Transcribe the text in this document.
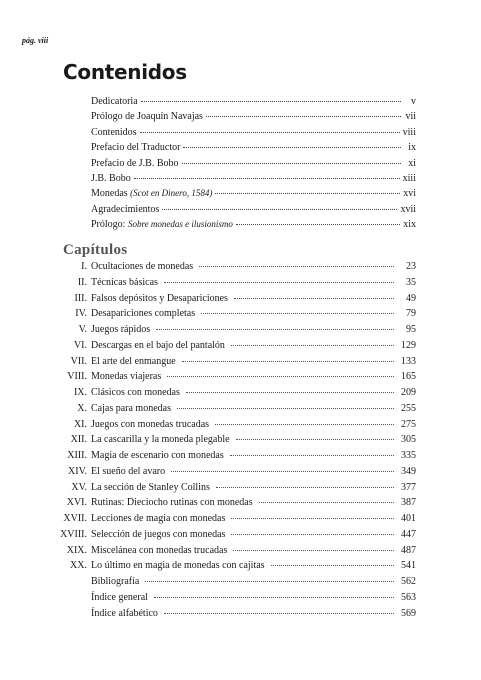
pág. viii
Contenidos
Dedicatoria	v
Prólogo de Joaquín Navajas	vii
Contenidos	viii
Prefacio del Traductor	ix
Prefacio de J.B. Bobo	xi
J.B. Bobo	xiii
Monedas (Scot en Dinero, 1584)	xvi
Agradecimientos	xvii
Prólogo: Sobre monedas e ilusionismo	xix
Capítulos
I. Ocultaciones de monedas	23
II. Técnicas básicas	35
III. Falsos depósitos y Desapariciones	49
IV. Desapariciones completas	79
V. Juegos rápidos	95
VI. Descargas en el bajo del pantalón	129
VII. El arte del enmangue	133
VIII. Monedas viajeras	165
IX. Clásicos con monedas	209
X. Cajas para monedas	255
XI. Juegos con monedas trucadas	275
XII. La cascarilla y la moneda plegable	305
XIII. Magia de escenario con monedas	335
XIV. El sueño del avaro	349
XV. La sección de Stanley Collins	377
XVI. Rutinas: Dieciocho rutinas con monedas	387
XVII. Lecciones de magia con monedas	401
XVIII. Selección de juegos con monedas	447
XIX. Miscelánea con monedas trucadas	487
XX. Lo último en magia de monedas con cajitas	541
Bibliografía	562
Índice general	563
Índice alfabético	569
